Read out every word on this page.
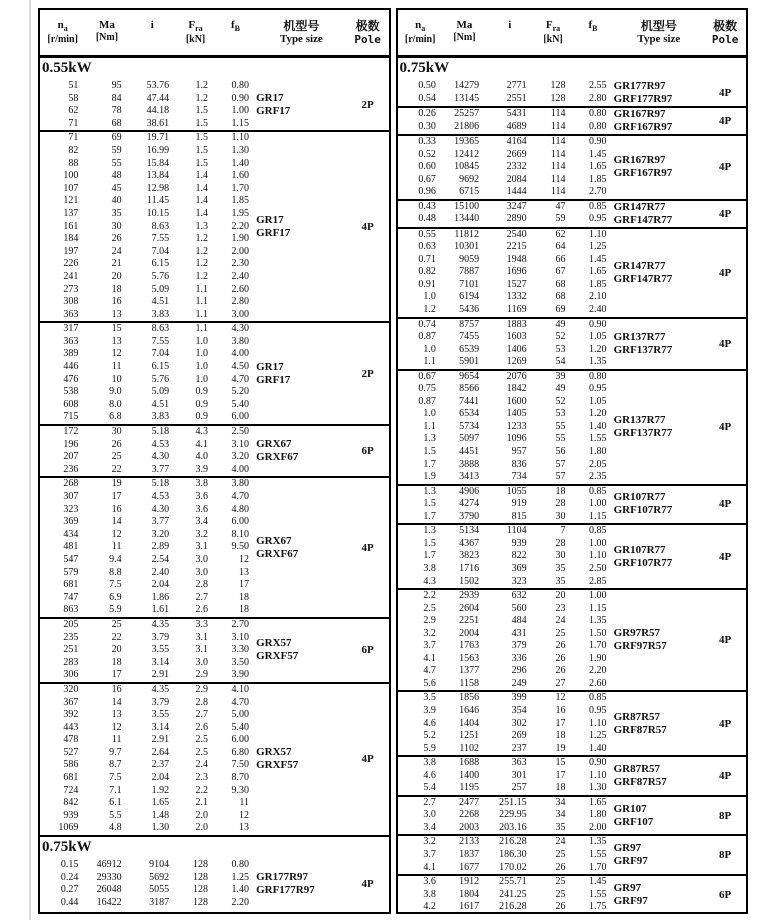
$n_a$
[r/min]
Ma
[Nm]
i	$F_{ra}$
[kN]
$f_B$	机型号
Type size
极数
Pole
0.55kW
51	95	53.76	1.2	0.80
58	84	47.44	1.2	0.90
62	78	44.18	1.5	1.00
71	68	38.61	1.5	1.15
GR17
GRF17	2P
71	69	19.71	1.5	1.10
82	59	16.99	1.5	1.30
88	55	15.84	1.5	1.40
100	48	13.84	1.4	1.60
107	45	12.98	1.4	1.70
121	40	11.45	1.4	1.85
137	35	10.15	1.4	1.95
161	30	8.63	1.3	2.20
184	26	7.55	1.2	1.90
197	24	7.04	1.2	2.00
226	21	6.15	1.2	2.30
241	20	5.76	1.2	2.40
273	18	5.09	1.1	2.60
308	16	4.51	1.1	2.80
363	13	3.83	1.1	3.00
GR17
GRF17	4P
317	15	8.63	1.1	4.30
363	13	7.55	1.0	3.80
389	12	7.04	1.0	4.00
446	11	6.15	1.0	4.50
476	10	5.76	1.0	4.70
538	9.0	5.09	0.9	5.20
608	8.0	4.51	0.9	5.40
715	6.8	3.83	0.9	6.00
GR17
GRF17	2P
172	30	5.18	4.3	2.50
196	26	4.53	4.1	3.10
207	25	4.30	4.0	3.20
236	22	3.77	3.9	4.00
GRX67
GRXF67	6P
268	19	5.18	3.8	3.80
307	17	4.53	3.6	4.70
323	16	4.30	3.6	4.80
369	14	3.77	3.4	6.00
434	12	3.20	3.2	8.10
481	11	2.89	3.1	9.50
547	9.4	2.54	3.0	12
579	8.8	2.40	3.0	13
681	7.5	2.04	2.8	17
747	6.9	1.86	2.7	18
863	5.9	1.61	2.6	18
GRX67
GRXF67	4P
205	25	4.35	3.3	2.70
235	22	3.79	3.1	3.10
251	20	3.55	3.1	3.30
283	18	3.14	3.0	3.50
306	17	2.91	2.9	3.90
GRX57
GRXF57	6P
320	16	4.35	2.9	4.10
367	14	3.79	2.8	4.70
392	13	3.55	2.7	5.00
443	12	3.14	2.6	5.40
478	11	2.91	2.5	6.00
527	9.7	2.64	2.5	6.80
586	8.7	2.37	2.4	7.50
681	7.5	2.04	2.3	8.70
724	7.1	1.92	2.2	9.30
842	6.1	1.65	2.1	11
939	5.5	1.48	2.0	12
1069	4.8	1.30	2.0	13
GRX57
GRXF57	4P
0.75kW
0.15	46912	9104	128	0.80
0.24	29330	5692	128	1.25
0.27	26048	5055	128	1.40
0.44	16422	3187	128	2.20
GR177R97
GRF177R97	4P
$n_a$
[r/min]
Ma
[Nm]
i	$F_{ra}$
[kN]
$f_B$	机型号
Type size
极数
Pole
0.75kW
0.50	14279	2771	128	2.55
0.54	13145	2551	128	2.80
GR177R97
GRF177R97	4P
0.26	25257	5431	114	0.80
0.30	21806	4689	114	0.80
GR167R97
GRF167R97	4P
0.33	19365	4164	114	0.90
0.52	12412	2669	114	1.45
0.60	10845	2332	114	1.65
0.67	9692	2084	114	1.85
0.96	6715	1444	114	2.70
GR167R97
GRF167R97	4P
0.43	15100	3247	47	0.85
0.48	13440	2890	59	0.95
GR147R77
GRF147R77	4P
0.55	11812	2540	62	1.10
0.63	10301	2215	64	1.25
0.71	9059	1948	66	1.45
0.82	7887	1696	67	1.65
0.91	7101	1527	68	1.85
1.0	6194	1332	68	2.10
1.2	5436	1169	69	2.40
GR147R77
GRF147R77	4P
0.74	8757	1883	49	0.90
0.87	7455	1603	52	1.05
1.0	6539	1406	53	1.20
1.1	5901	1269	54	1.35
GR137R77
GRF137R77	4P
0.67	9654	2076	39	0.80
0.75	8566	1842	49	0.95
0.87	7441	1600	52	1.05
1.0	6534	1405	53	1.20
1.1	5734	1233	55	1.40
1.3	5097	1096	55	1.55
1.5	4451	957	56	1.80
1.7	3888	836	57	2.05
1.9	3413	734	57	2.35
GR137R77
GRF137R77	4P
1.3	4906	1055	18	0.85
1.5	4274	919	28	1.00
1.7	3790	815	30	1.15
GR107R77
GRF107R77	4P
1.3	5134	1104	7	0.85
1.5	4367	939	28	1.00
1.7	3823	822	30	1.10
3.8	1716	369	35	2.50
4.3	1502	323	35	2.85
GR107R77
GRF107R77	4P
2.2	2939	632	20	1.00
2.5	2604	560	23	1.15
2.9	2251	484	24	1.35
3.2	2004	431	25	1.50
3.7	1763	379	26	1.70
4.1	1563	336	26	1.90
4.7	1377	296	26	2.20
5.6	1158	249	27	2.60
GR97R57
GRF97R57	4P
3.5	1856	399	12	0.85
3.9	1646	354	16	0.95
4.6	1404	302	17	1.10
5.2	1251	269	18	1.25
5.9	1102	237	19	1.40
GR87R57
GRF87R57	4P
3.8	1688	363	15	0.90
4.6	1400	301	17	1.10
5.4	1195	257	18	1.30
GR87R57
GRF87R57	4P
2.7	2477	251.15	34	1.65
3.0	2268	229.95	34	1.80
3.4	2003	203.16	35	2.00
GR107
GRF107	8P
3.2	2133	216.28	24	1.35
3.7	1837	186.30	25	1.55
4.1	1677	170.02	26	1.70
GR97
GRF97	8P
3.6	1912	255.71	25	1.45
3.8	1804	241.25	25	1.55
4.2	1617	216.28	26	1.75
GR97
GRF97	6P
